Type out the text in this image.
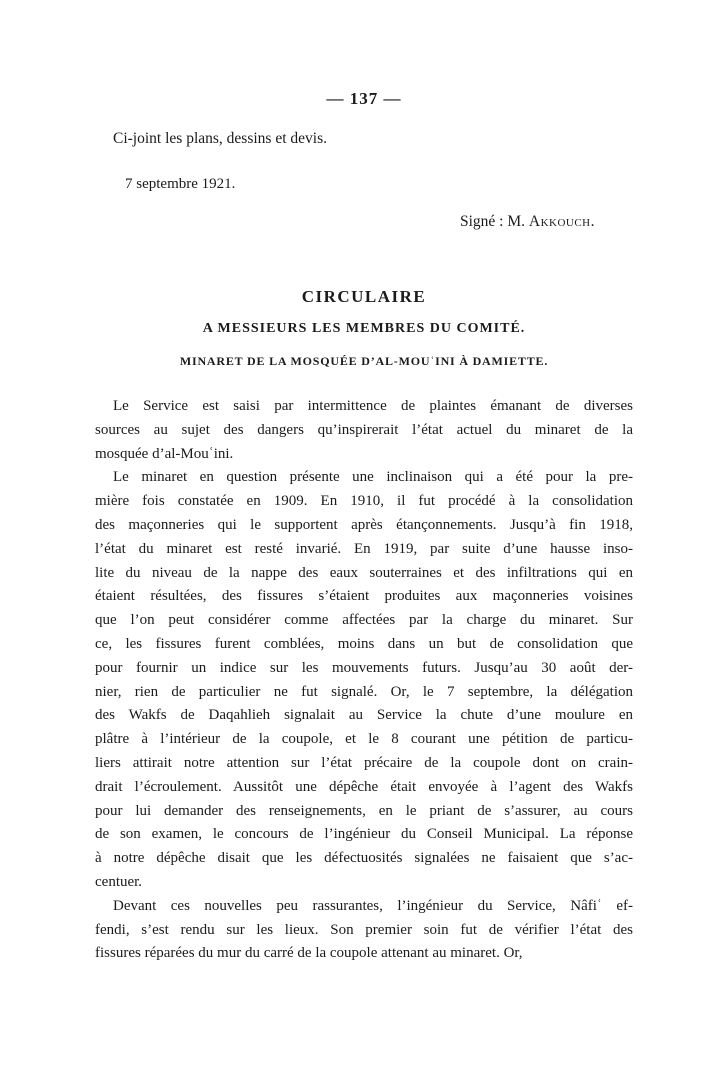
— 137 —
Ci-joint les plans, dessins et devis.
7 septembre 1921.
Signé : M. Akkouch.
CIRCULAIRE
A MESSIEURS LES MEMBRES DU COMITÉ.
MINARET DE LA MOSQUÉE D’AL-MOUʿINI À DAMIETTE.
Le Service est saisi par intermittence de plaintes émanant de diverses
sources au sujet des dangers qu’inspirerait l’état actuel du minaret de la
mosquée d’al-Mouʿini.
Le minaret en question présente une inclinaison qui a été pour la pre-
mière fois constatée en 1909. En 1910, il fut procédé à la consolidation
des maçonneries qui le supportent après étançonnements. Jusqu’à fin 1918,
l’état du minaret est resté invarié. En 1919, par suite d’une hausse inso-
lite du niveau de la nappe des eaux souterraines et des infiltrations qui en
étaient résultées, des fissures s’étaient produites aux maçonneries voisines
que l’on peut considérer comme affectées par la charge du minaret. Sur
ce, les fissures furent comblées, moins dans un but de consolidation que
pour fournir un indice sur les mouvements futurs. Jusqu’au 30 août der-
nier, rien de particulier ne fut signalé. Or, le 7 septembre, la délégation
des Wakfs de Daqahlieh signalait au Service la chute d’une moulure en
plâtre à l’intérieur de la coupole, et le 8 courant une pétition de particu-
liers attirait notre attention sur l’état précaire de la coupole dont on crain-
drait l’écroulement. Aussitôt une dépêche était envoyée à l’agent des Wakfs
pour lui demander des renseignements, en le priant de s’assurer, au cours
de son examen, le concours de l’ingénieur du Conseil Municipal. La réponse
à notre dépêche disait que les défectuosités signalées ne faisaient que s’ac-
centuer.
Devant ces nouvelles peu rassurantes, l’ingénieur du Service, Nâfiʿ ef-
fendi, s’est rendu sur les lieux. Son premier soin fut de vérifier l’état des
fissures réparées du mur du carré de la coupole attenant au minaret. Or,
